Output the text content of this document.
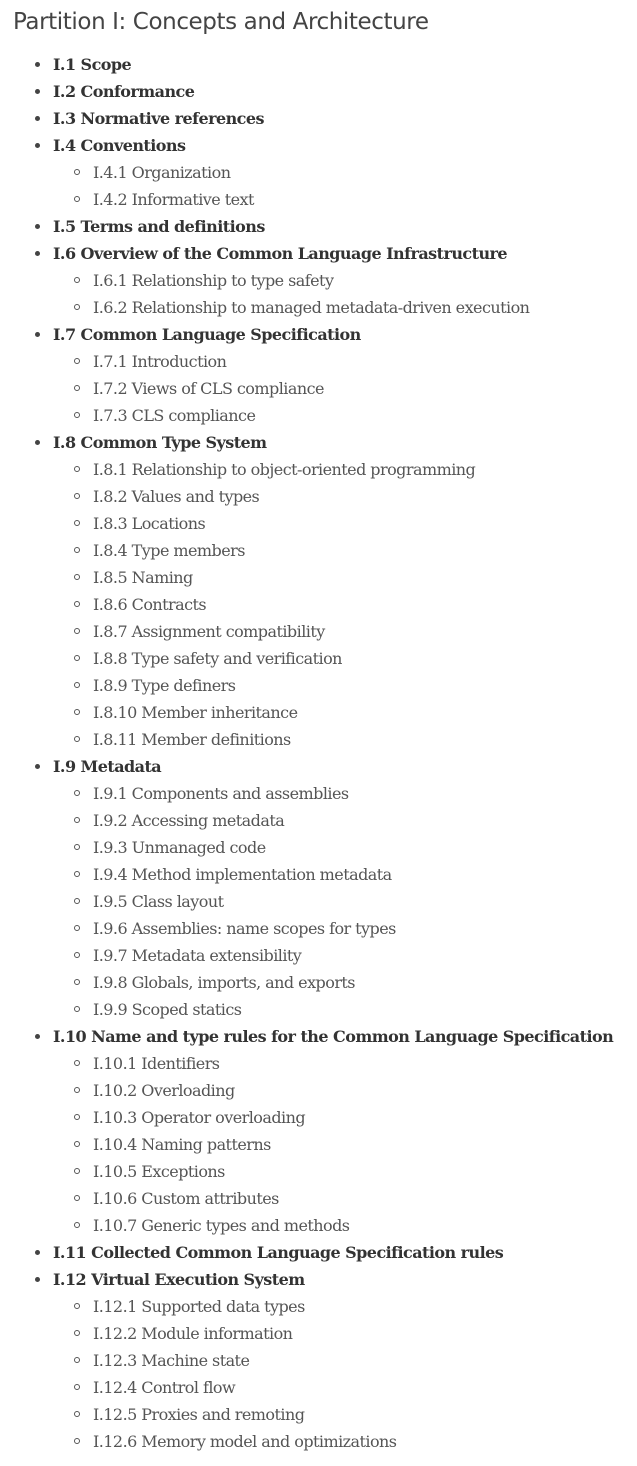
Partition I: Concepts and Architecture
I.1 Scope
I.2 Conformance
I.3 Normative references
I.4 Conventions
I.4.1 Organization
I.4.2 Informative text
I.5 Terms and definitions
I.6 Overview of the Common Language Infrastructure
I.6.1 Relationship to type safety
I.6.2 Relationship to managed metadata-driven execution
I.7 Common Language Specification
I.7.1 Introduction
I.7.2 Views of CLS compliance
I.7.3 CLS compliance
I.8 Common Type System
I.8.1 Relationship to object-oriented programming
I.8.2 Values and types
I.8.3 Locations
I.8.4 Type members
I.8.5 Naming
I.8.6 Contracts
I.8.7 Assignment compatibility
I.8.8 Type safety and verification
I.8.9 Type definers
I.8.10 Member inheritance
I.8.11 Member definitions
I.9 Metadata
I.9.1 Components and assemblies
I.9.2 Accessing metadata
I.9.3 Unmanaged code
I.9.4 Method implementation metadata
I.9.5 Class layout
I.9.6 Assemblies: name scopes for types
I.9.7 Metadata extensibility
I.9.8 Globals, imports, and exports
I.9.9 Scoped statics
I.10 Name and type rules for the Common Language Specification
I.10.1 Identifiers
I.10.2 Overloading
I.10.3 Operator overloading
I.10.4 Naming patterns
I.10.5 Exceptions
I.10.6 Custom attributes
I.10.7 Generic types and methods
I.11 Collected Common Language Specification rules
I.12 Virtual Execution System
I.12.1 Supported data types
I.12.2 Module information
I.12.3 Machine state
I.12.4 Control flow
I.12.5 Proxies and remoting
I.12.6 Memory model and optimizations
